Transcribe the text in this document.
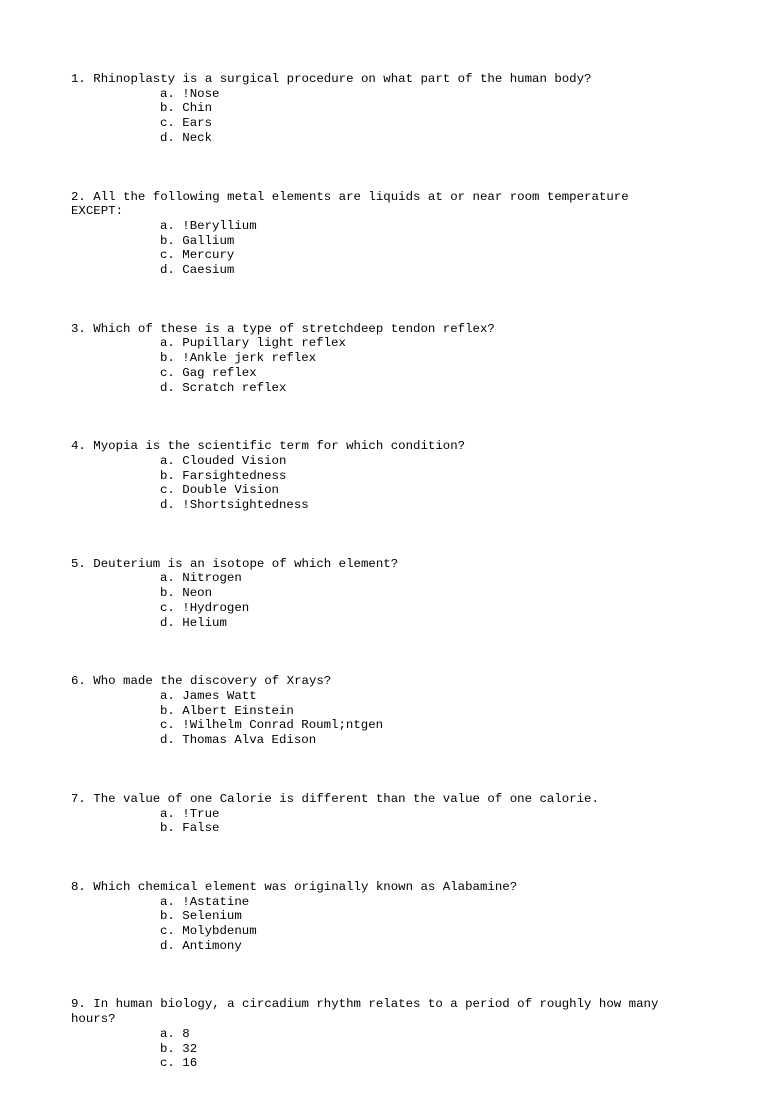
1. Rhinoplasty is a surgical procedure on what part of the human body?

a. !Nose
b. Chin
c. Ears
d. Neck

2. All the following metal elements are liquids at or near room temperature EXCEPT:

a. !Beryllium
b. Gallium
c. Mercury
d. Caesium

3. Which of these is a type of stretchdeep tendon reflex?

a. Pupillary light reflex
b. !Ankle jerk reflex
c. Gag reflex
d. Scratch reflex

4. Myopia is the scientific term for which condition?

a. Clouded Vision
b. Farsightedness
c. Double Vision
d. !Shortsightedness

5. Deuterium is an isotope of which element?

a. Nitrogen
b. Neon
c. !Hydrogen
d. Helium

6. Who made the discovery of Xrays?

a. James Watt
b. Albert Einstein
c. !Wilhelm Conrad Rouml;ntgen
d. Thomas Alva Edison

7. The value of one Calorie is different than the value of one calorie.

a. !True
b. False

8. Which chemical element was originally known as Alabamine?

a. !Astatine
b. Selenium
c. Molybdenum
d. Antimony

9. In human biology, a circadium rhythm relates to a period of roughly how many hours?

a. 8
b. 32
c. 16
